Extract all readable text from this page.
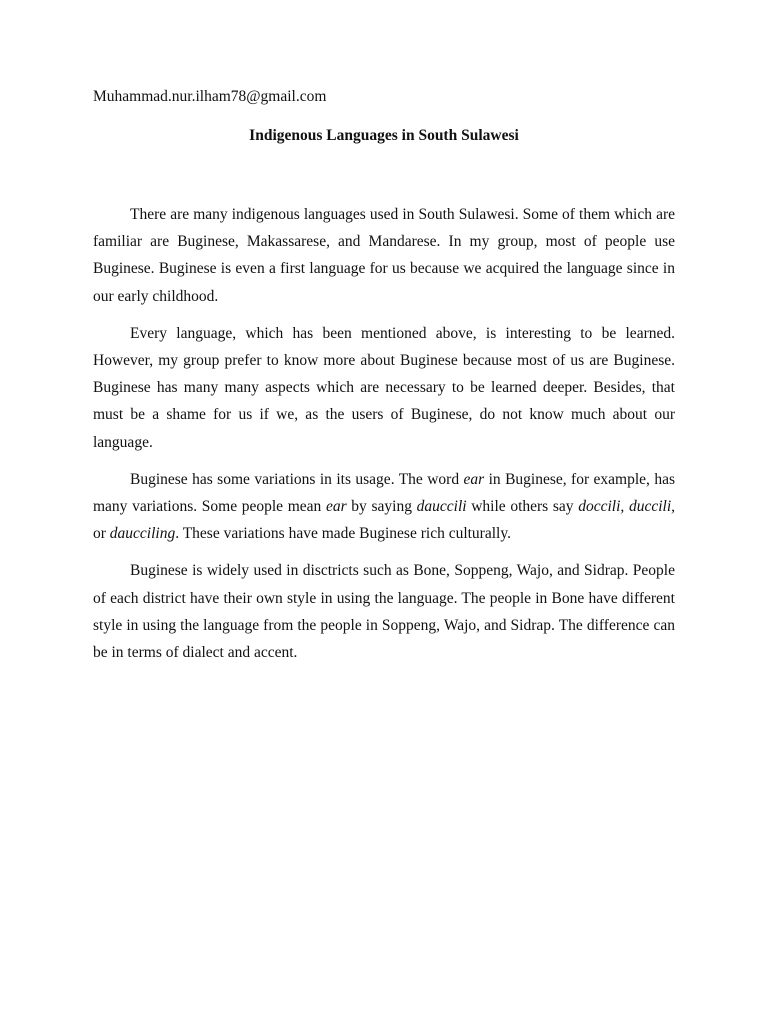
Muhammad.nur.ilham78@gmail.com

Indigenous Languages in South Sulawesi

There are many indigenous languages used in South Sulawesi. Some of them which are familiar are Buginese, Makassarese, and Mandarese. In my group, most of people use Buginese. Buginese is even a first language for us because we acquired the language since in our early childhood.

Every language, which has been mentioned above, is interesting to be learned. However, my group prefer to know more about Buginese because most of us are Buginese. Buginese has many many aspects which are necessary to be learned deeper. Besides, that must be a shame for us if we, as the users of Buginese, do not know much about our language.

Buginese has some variations in its usage. The word ear in Buginese, for example, has many variations. Some people mean ear by saying dauccili while others say doccili, duccili, or daucciling. These variations have made Buginese rich culturally.

Buginese is widely used in disctricts such as Bone, Soppeng, Wajo, and Sidrap. People of each district have their own style in using the language. The people in Bone have different style in using the language from the people in Soppeng, Wajo, and Sidrap. The difference can be in terms of dialect and accent.
